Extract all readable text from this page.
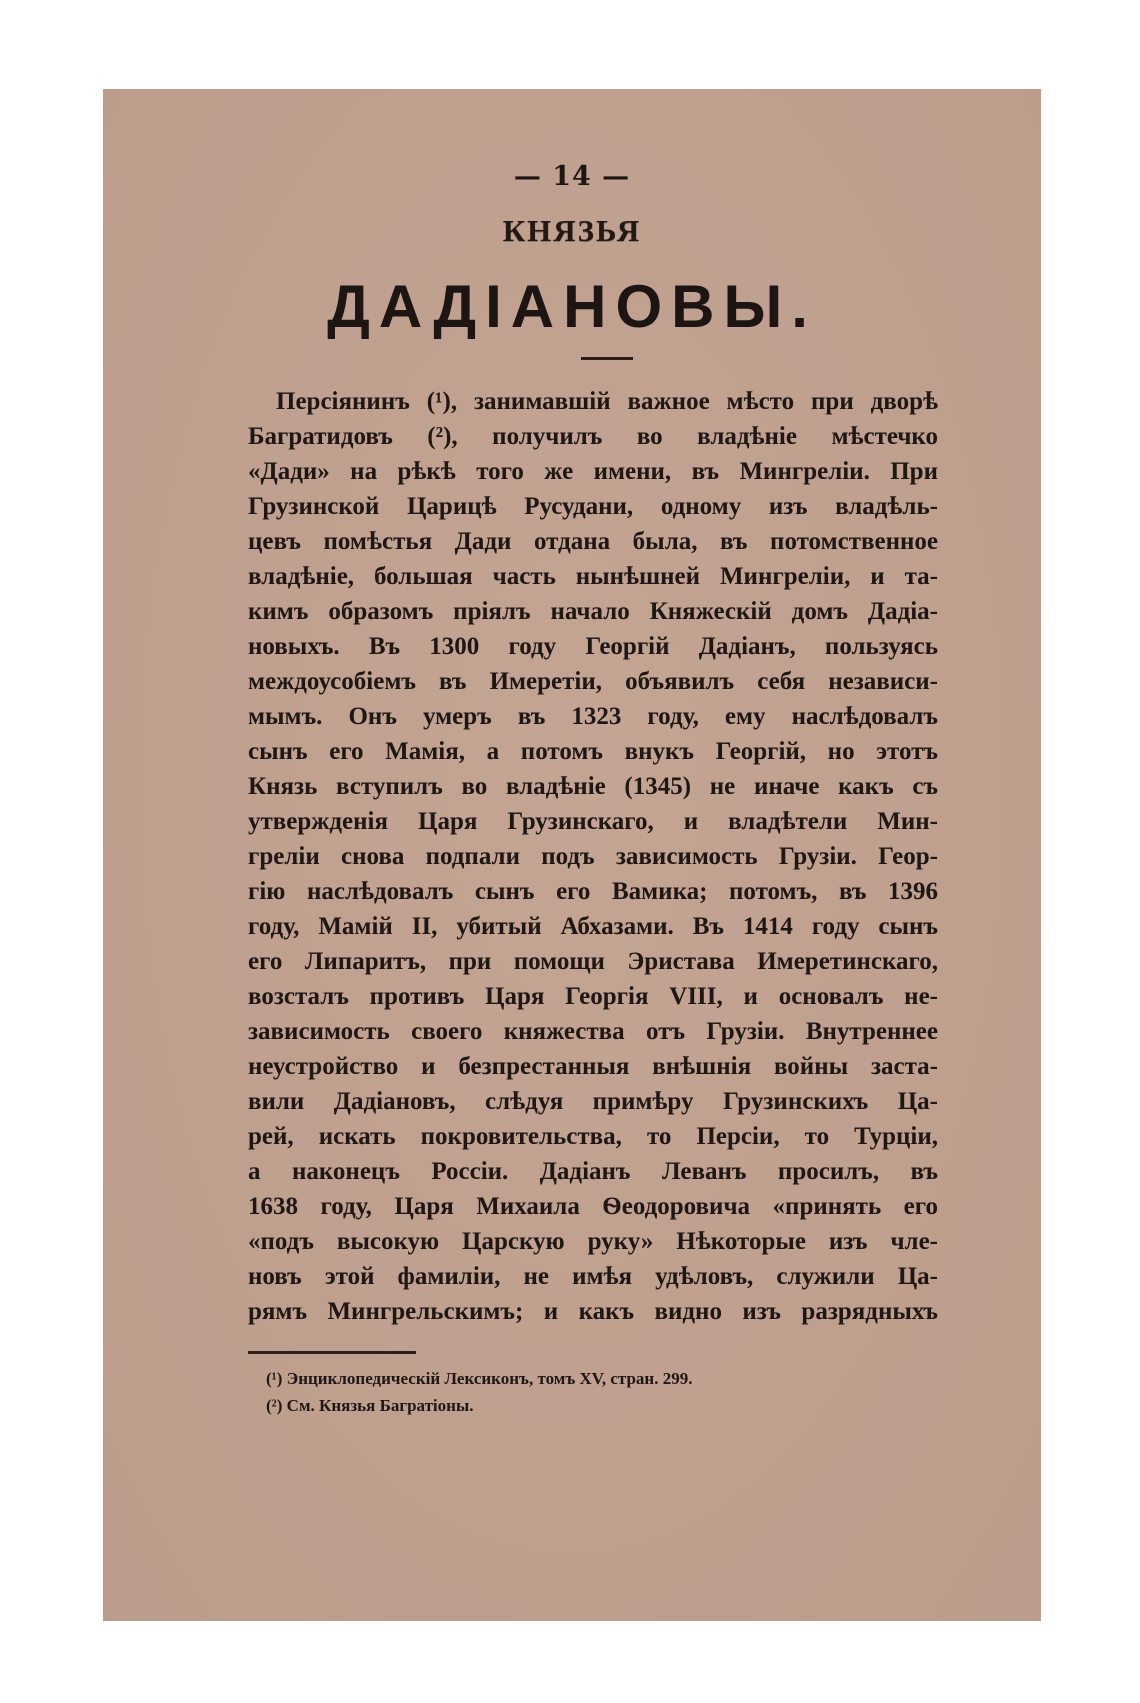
— 14 —
КНЯЗЬЯ
ДАДІАНОВЫ.
Персіянинъ (¹), занимавшій важное мѣсто при дворѣ
Багратидовъ (²), получилъ во владѣніе мѣстечко
«Дади» на рѣкѣ того же имени, въ Мингреліи. При
Грузинской Царицѣ Русудани, одному изъ владѣль-
цевъ помѣстья Дади отдана была, въ потомственное
владѣніе, большая часть нынѣшней Мингреліи, и та-
кимъ образомъ пріялъ начало Княжескій домъ Дадіа-
новыхъ. Въ 1300 году Георгій Дадіанъ, пользуясь
междоусобіемъ въ Имеретіи, объявилъ себя независи-
мымъ. Онъ умеръ въ 1323 году, ему наслѣдовалъ
сынъ его Мамія, а потомъ внукъ Георгій, но этотъ
Князь вступилъ во владѣніе (1345) не иначе какъ съ
утвержденія Царя Грузинскаго, и владѣтели Мин-
греліи снова подпали подъ зависимость Грузіи. Геор-
гію наслѣдовалъ сынъ его Вамика; потомъ, въ 1396
году, Мамій II, убитый Абхазами. Въ 1414 году сынъ
его Липаритъ, при помощи Эристава Имеретинскаго,
возсталъ противъ Царя Георгія VIII, и основалъ не-
зависимость своего княжества отъ Грузіи. Внутреннее
неустройство и безпрестанныя внѣшнія войны заста-
вили Дадіановъ, слѣдуя примѣру Грузинскихъ Ца-
рей, искать покровительства, то Персіи, то Турціи,
а наконецъ Россіи. Дадіанъ Леванъ просилъ, въ
1638 году, Царя Михаила Ѳеодоровича «принять его
«подъ высокую Царскую руку» Нѣкоторые изъ чле-
новъ этой фамиліи, не имѣя удѣловъ, служили Ца-
рямъ Мингрельскимъ; и какъ видно изъ разрядныхъ
(¹) Энциклопедическій Лексиконъ, томъ XV, стран. 299.
(²) См. Князья Багратіоны.
